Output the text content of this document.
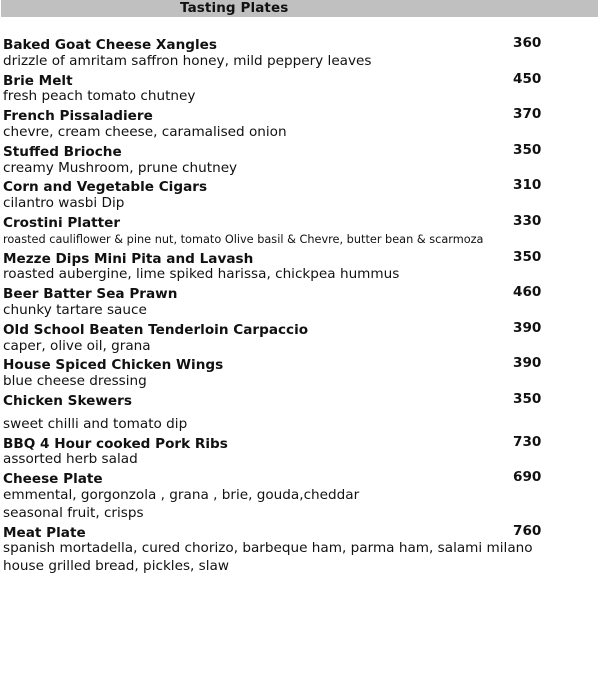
Tasting Plates
Baked Goat Cheese Xangles	360
drizzle of amritam saffron honey, mild peppery leaves
Brie Melt	450
fresh peach tomato chutney
French Pissaladiere	370
chevre, cream cheese, caramalised onion
Stuffed Brioche	350
creamy Mushroom, prune chutney
Corn and Vegetable Cigars	310
cilantro wasbi Dip
Crostini Platter	330
roasted cauliflower & pine nut, tomato Olive basil & Chevre, butter bean & scarmoza
Mezze Dips Mini Pita and Lavash	350
roasted aubergine, lime spiked harissa, chickpea hummus
Beer Batter Sea Prawn	460
chunky tartare sauce
Old School Beaten Tenderloin Carpaccio	390
caper, olive oil, grana
House Spiced Chicken Wings	390
blue cheese dressing
Chicken Skewers	350
sweet chilli and tomato dip
BBQ 4 Hour cooked Pork Ribs	730
assorted herb salad
Cheese Plate	690
emmental, gorgonzola , grana , brie, gouda,cheddar
seasonal fruit, crisps
Meat Plate	760
spanish mortadella, cured chorizo, barbeque ham, parma ham, salami milano
house grilled bread, pickles, slaw
